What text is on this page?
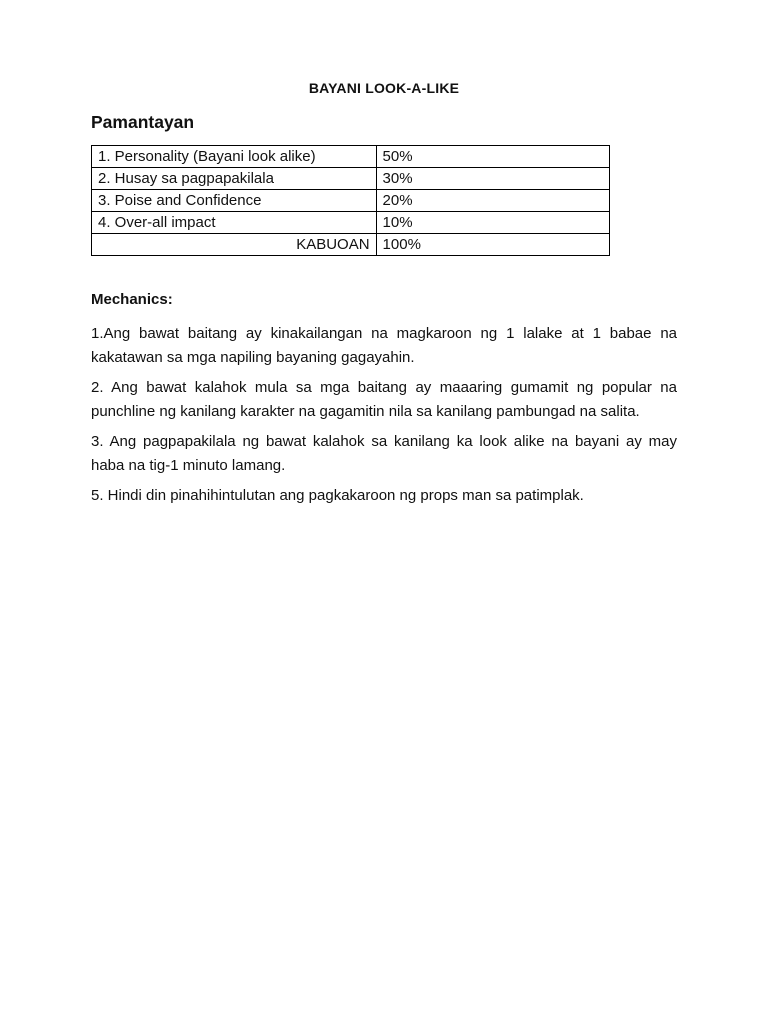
BAYANI LOOK-A-LIKE
Pamantayan
1. Personality (Bayani look alike)	50%
2. Husay sa pagpapakilala	30%
3. Poise and Confidence	20%
4. Over-all impact	10%
KABUOAN	100%
Mechanics:

1.Ang bawat baitang ay kinakailangan na magkaroon ng 1 lalake at 1 babae na kakatawan sa mga napiling bayaning gagayahin.

2. Ang bawat kalahok mula sa mga baitang ay maaaring gumamit ng popular na punchline ng kanilang karakter na gagamitin nila sa kanilang pambungad na salita.

3. Ang pagpapakilala ng bawat kalahok sa kanilang ka look alike na bayani ay may haba na tig-1 minuto lamang.

5. Hindi din pinahihintulutan ang pagkakaroon ng props man sa patimplak.
